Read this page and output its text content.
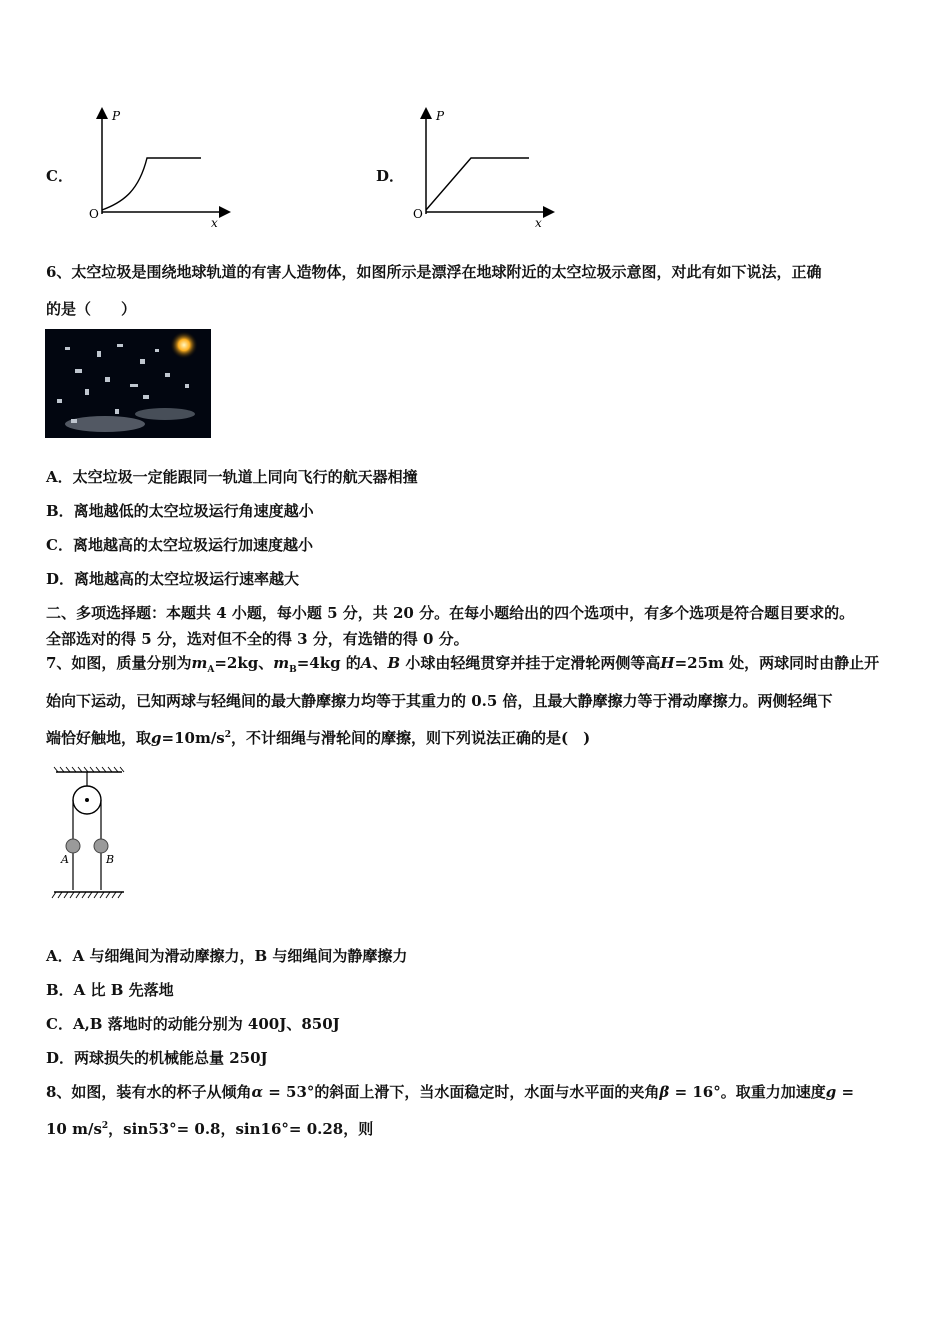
C．
P
x
O
D．
P
x
O
6、太空垃圾是围绕地球轨道的有害人造物体，如图所示是漂浮在地球附近的太空垃圾示意图，对此有如下说法，正确
的是（　　）
A．太空垃圾一定能跟同一轨道上同向飞行的航天器相撞
B．离地越低的太空垃圾运行角速度越小
C．离地越高的太空垃圾运行加速度越小
D．离地越高的太空垃圾运行速率越大
二、多项选择题：本题共 4 小题，每小题 5 分，共 20 分。在每小题给出的四个选项中，有多个选项是符合题目要求的。
全部选对的得 5 分，选对但不全的得 3 分，有选错的得 0 分。
7、如图，质量分别为$m_A=2kg$、$m_B=4kg$ 的A、B 小球由轻绳贯穿并挂于定滑轮两侧等高H=25m 处，两球同时由静止开
始向下运动，已知两球与轻绳间的最大静摩擦力均等于其重力的 0.5 倍，且最大静摩擦力等于滑动摩擦力。两侧轻绳下
端恰好触地，取$g=10m/s^2$，不计细绳与滑轮间的摩擦，则下列说法正确的是(　)
A	B
A．A 与细绳间为滑动摩擦力，B 与细绳间为静摩擦力
B．A 比 B 先落地
C．A,B 落地时的动能分别为 400J、850J
D．两球损失的机械能总量 250J
8、如图，装有水的杯子从倾角α = 53°的斜面上滑下，当水面稳定时，水面与水平面的夹角β = 16°。取重力加速度g =
10 $m/s^2$，sin53°= 0.8，sin16°= 0.28，则
